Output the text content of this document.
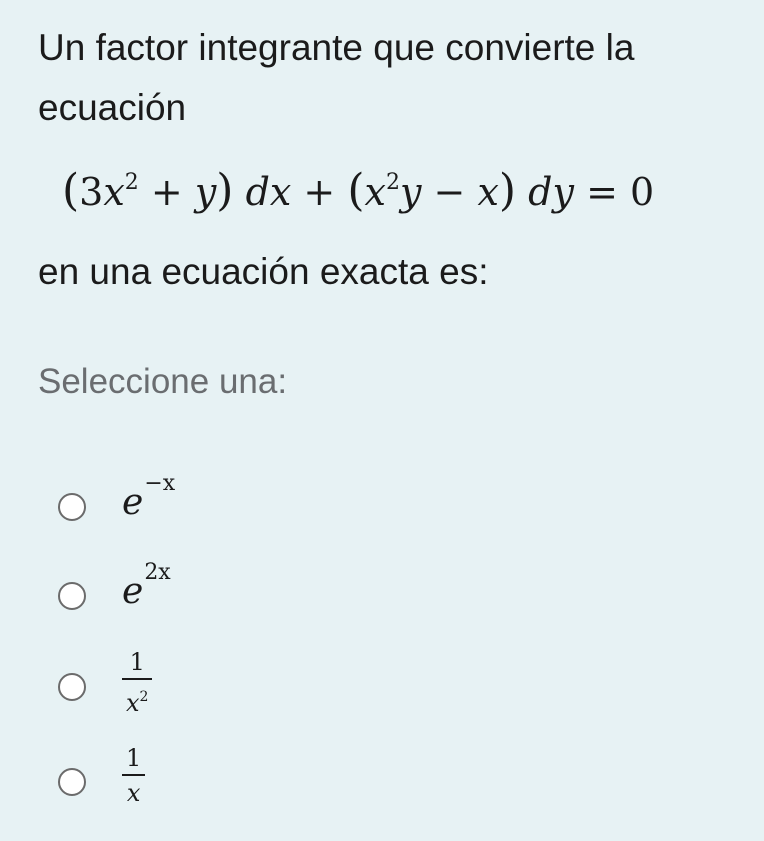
Un factor integrante que convierte la

ecuación

$(3x^2 + y)$ dx + $(x^2y - x)$ dy = 0

en una ecuación exacta es:

Seleccione una:
e−x
e2x
$\frac{1}{x^2}$
$\frac{1}{x}$
